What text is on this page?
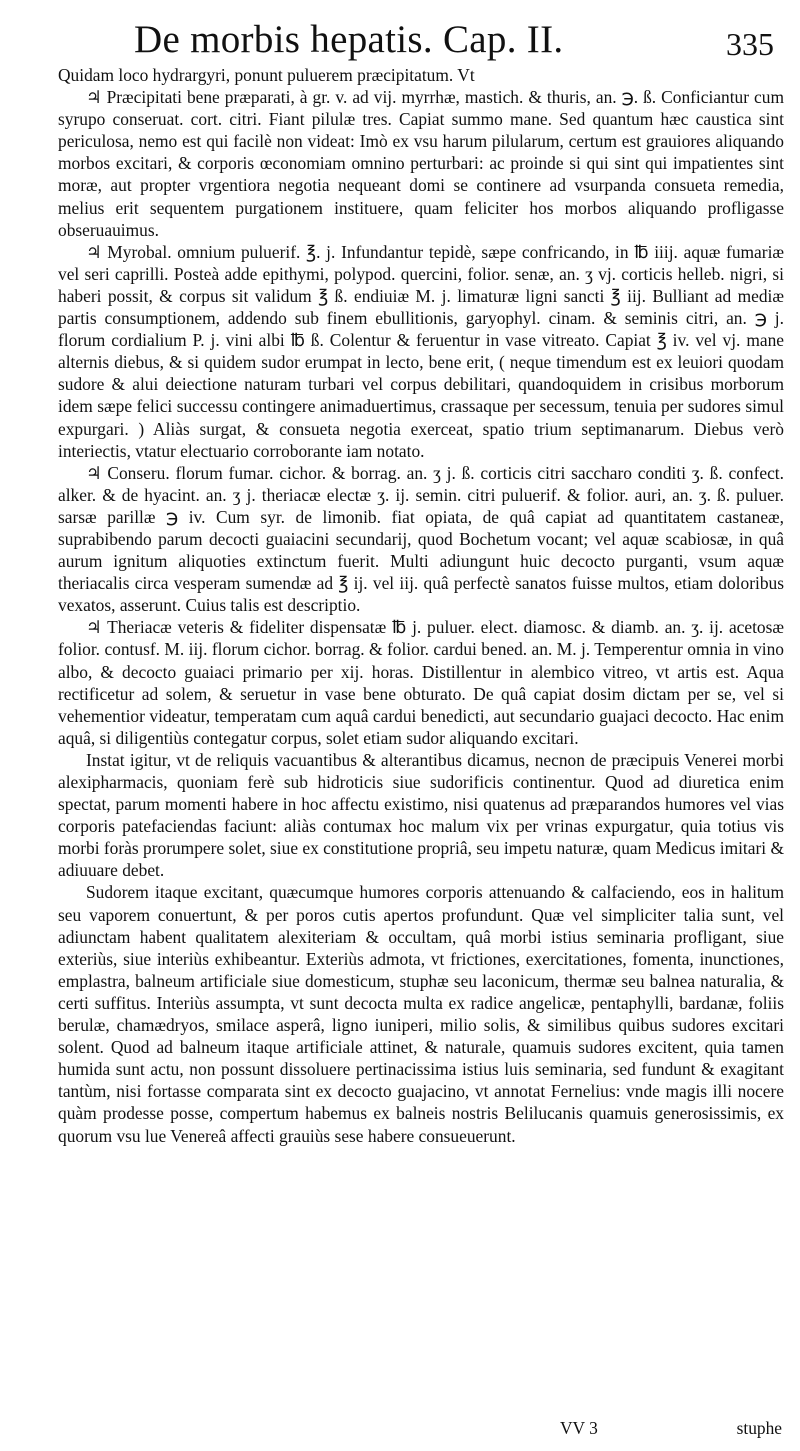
De morbis hepatis. Cap. II.	335

Quidam loco hydrargyri, ponunt puluerem præcipitatum. Vt

♃ Præcipitati bene præparati, à gr. v. ad vij. myrrhæ, mastich. & thuris, an. ℈. ß. Conficiantur cum syrupo conseruat. cort. citri. Fiant pilulæ tres. Capiat summo mane. Sed quantum hæc caustica sint periculosa, nemo est qui facilè non videat: Imò ex vsu harum pilularum, certum est grauiores aliquando morbos excitari, & corporis œconomiam omnino perturbari: ac proinde si qui sint qui impatientes sint moræ, aut propter vrgentiora negotia nequeant domi se continere ad vsurpanda consueta remedia, melius erit sequentem purgationem instituere, quam feliciter hos morbos aliquando profligasse obseruauimus.

♃ Myrobal. omnium puluerif. ℥. j. Infundantur tepidè, sæpe confricando, in ℔ iiij. aquæ fumariæ vel seri caprilli. Posteà adde epithymi, polypod. quercini, folior. senæ, an. ʒ vj. corticis helleb. nigri, si haberi possit, & corpus sit validum ℥ ß. endiuiæ M. j. limaturæ ligni sancti ℥ iij. Bulliant ad mediæ partis consumptionem, addendo sub finem ebullitionis, garyophyl. cinam. & seminis citri, an. ℈ j. florum cordialium P. j. vini albi ℔ ß. Colentur & feruentur in vase vitreato. Capiat ℥ iv. vel vj. mane alternis diebus, & si quidem sudor erumpat in lecto, bene erit, ( neque timendum est ex leuiori quodam sudore & alui deiectione naturam turbari vel corpus debilitari, quandoquidem in crisibus morborum idem sæpe felici successu contingere animaduertimus, crassaque per secessum, tenuia per sudores simul expurgari. ) Aliàs surgat, & consueta negotia exerceat, spatio trium septimanarum. Diebus verò interiectis, vtatur electuario corroborante iam notato.

♃ Conseru. florum fumar. cichor. & borrag. an. ʒ j. ß. corticis citri saccharo conditi ʒ. ß. confect. alker. & de hyacint. an. ʒ j. theriacæ electæ ʒ. ij. semin. citri puluerif. & folior. auri, an. ʒ. ß. puluer. sarsæ parillæ ℈ iv. Cum syr. de limonib. fiat opiata, de quâ capiat ad quantitatem castaneæ, suprabibendo parum decocti guaiacini secundarij, quod Bochetum vocant; vel aquæ scabiosæ, in quâ aurum ignitum aliquoties extinctum fuerit. Multi adiungunt huic decocto purganti, vsum aquæ theriacalis circa vesperam sumendæ ad ℥ ij. vel iij. quâ perfectè sanatos fuisse multos, etiam doloribus vexatos, asserunt. Cuius talis est descriptio.

♃ Theriacæ veteris & fideliter dispensatæ ℔ j. puluer. elect. diamosc. & diamb. an. ʒ. ij. acetosæ folior. contusf. M. iij. florum cichor. borrag. & folior. cardui bened. an. M. j. Temperentur omnia in vino albo, & decocto guaiaci primario per xij. horas. Distillentur in alembico vitreo, vt artis est. Aqua rectificetur ad solem, & seruetur in vase bene obturato. De quâ capiat dosim dictam per se, vel si vehementior videatur, temperatam cum aquâ cardui benedicti, aut secundario guajaci decocto. Hac enim aquâ, si diligentiùs contegatur corpus, solet etiam sudor aliquando excitari.

Instat igitur, vt de reliquis vacuantibus & alterantibus dicamus, necnon de præcipuis Venerei morbi alexipharmacis, quoniam ferè sub hidroticis siue sudorificis continentur. Quod ad diuretica enim spectat, parum momenti habere in hoc affectu existimo, nisi quatenus ad præparandos humores vel vias corporis patefaciendas faciunt: aliàs contumax hoc malum vix per vrinas expurgatur, quia totius vis morbi foràs prorumpere solet, siue ex constitutione propriâ, seu impetu naturæ, quam Medicus imitari & adiuuare debet.

Sudorem itaque excitant, quæcumque humores corporis attenuando & calfaciendo, eos in halitum seu vaporem conuertunt, & per poros cutis apertos profundunt. Quæ vel simpliciter talia sunt, vel adiunctam habent qualitatem alexiteriam & occultam, quâ morbi istius seminaria profligant, siue exteriùs, siue interiùs exhibeantur. Exteriùs admota, vt frictiones, exercitationes, fomenta, inunctiones, emplastra, balneum artificiale siue domesticum, stuphæ seu laconicum, thermæ seu balnea naturalia, & certi suffitus. Interiùs assumpta, vt sunt decocta multa ex radice angelicæ, pentaphylli, bardanæ, foliis berulæ, chamædryos, smilace asperâ, ligno iuniperi, milio solis, & similibus quibus sudores excitari solent. Quod ad balneum itaque artificiale attinet, & naturale, quamuis sudores excitent, quia tamen humida sunt actu, non possunt dissoluere pertinacissima istius luis seminaria, sed fundunt & exagitant tantùm, nisi fortasse comparata sint ex decocto guajacino, vt annotat Fernelius: vnde magis illi nocere quàm prodesse posse, compertum habemus ex balneis nostris Belilucanis quamuis generosissimis, ex quorum vsu lue Venereâ affecti grauiùs sese habere consueuerunt.

VV 3	stuphe
